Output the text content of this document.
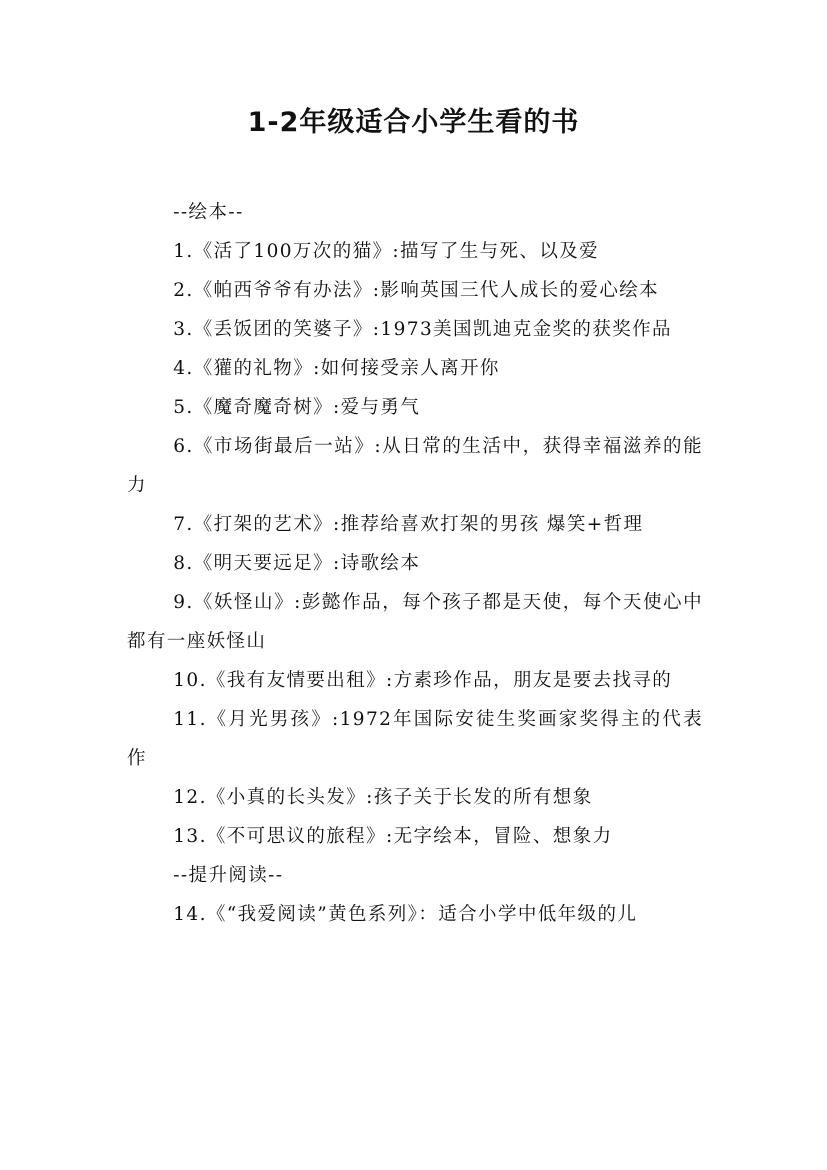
1-2年级适合小学生看的书

--绘本--

1.《活了100万次的猫》:描写了生与死、以及爱

2.《帕西爷爷有办法》:影响英国三代人成长的爱心绘本

3.《丢饭团的笑婆子》:1973美国凯迪克金奖的获奖作品

4.《獾的礼物》:如何接受亲人离开你

5.《魔奇魔奇树》:爱与勇气

6.《市场街最后一站》:从日常的生活中，获得幸福滋养的能力

7.《打架的艺术》:推荐给喜欢打架的男孩 爆笑+哲理

8.《明天要远足》:诗歌绘本

9.《妖怪山》:彭懿作品，每个孩子都是天使，每个天使心中都有一座妖怪山

10.《我有友情要出租》:方素珍作品，朋友是要去找寻的

11.《月光男孩》:1972年国际安徒生奖画家奖得主的代表作

12.《小真的长头发》:孩子关于长发的所有想象

13.《不可思议的旅程》:无字绘本，冒险、想象力

--提升阅读--

14.《“我爱阅读”黄色系列》：适合小学中低年级的儿
